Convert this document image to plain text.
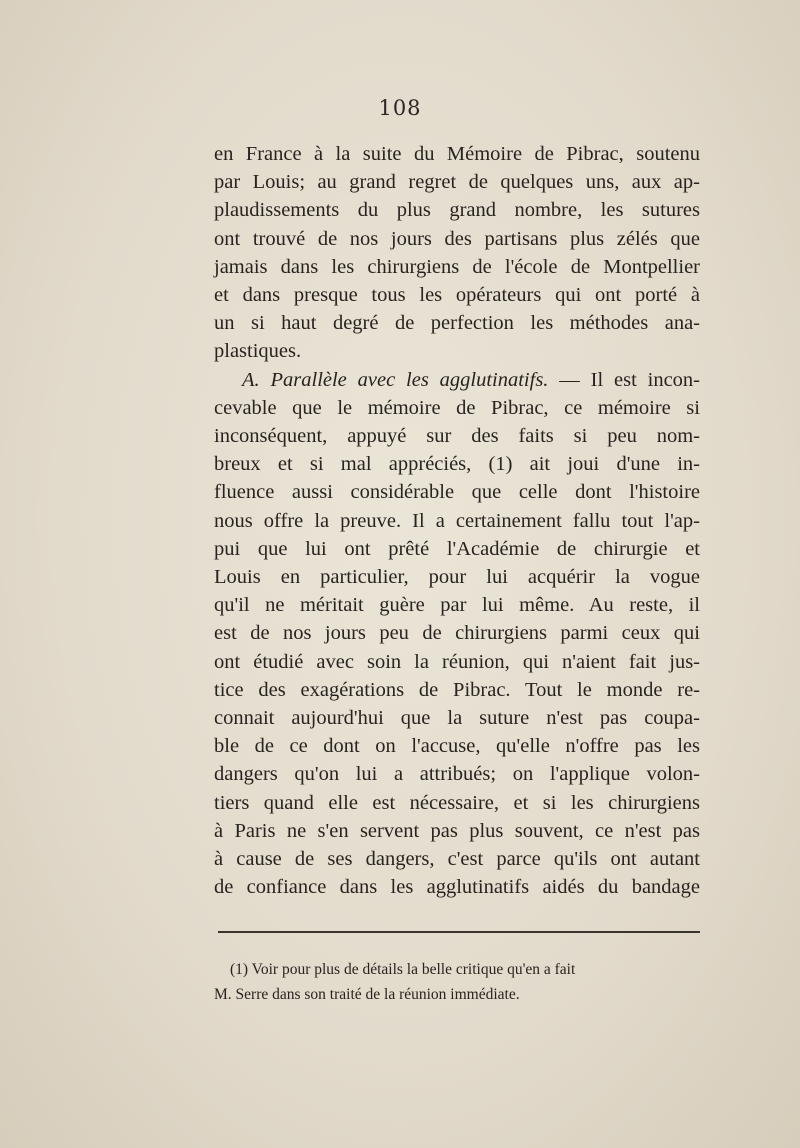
108
en France à la suite du Mémoire de Pibrac, soutenu
par Louis; au grand regret de quelques uns, aux ap-
plaudissements du plus grand nombre, les sutures
ont trouvé de nos jours des partisans plus zélés que
jamais dans les chirurgiens de l'école de Montpellier
et dans presque tous les opérateurs qui ont porté à
un si haut degré de perfection les méthodes ana-
plastiques.
A. Parallèle avec les agglutinatifs. — Il est incon-
cevable que le mémoire de Pibrac, ce mémoire si
inconséquent, appuyé sur des faits si peu nom-
breux et si mal appréciés, (1) ait joui d'une in-
fluence aussi considérable que celle dont l'histoire
nous offre la preuve. Il a certainement fallu tout l'ap-
pui que lui ont prêté l'Académie de chirurgie et
Louis en particulier, pour lui acquérir la vogue
qu'il ne méritait guère par lui même. Au reste, il
est de nos jours peu de chirurgiens parmi ceux qui
ont étudié avec soin la réunion, qui n'aient fait jus-
tice des exagérations de Pibrac. Tout le monde re-
connait aujourd'hui que la suture n'est pas coupa-
ble de ce dont on l'accuse, qu'elle n'offre pas les
dangers qu'on lui a attribués; on l'applique volon-
tiers quand elle est nécessaire, et si les chirurgiens
à Paris ne s'en servent pas plus souvent, ce n'est pas
à cause de ses dangers, c'est parce qu'ils ont autant
de confiance dans les agglutinatifs aidés du bandage
(1) Voir pour plus de détails la belle critique qu'en a fait
M. Serre dans son traité de la réunion immédiate.
